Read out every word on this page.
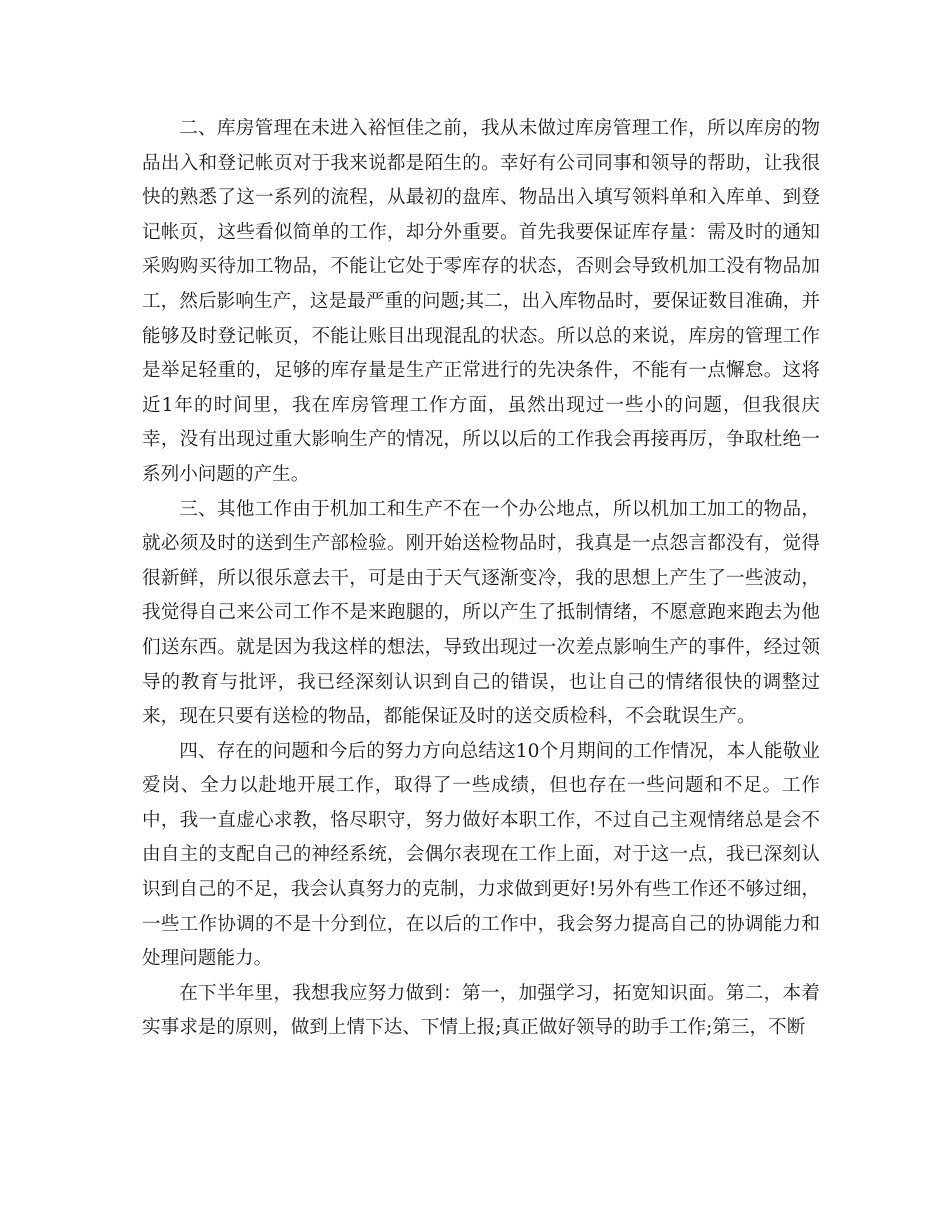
二、库房管理在未进入裕恒佳之前，我从未做过库房管理工作，所以库房的物品出入和登记帐页对于我来说都是陌生的。幸好有公司同事和领导的帮助，让我很快的熟悉了这一系列的流程，从最初的盘库、物品出入填写领料单和入库单、到登记帐页，这些看似简单的工作，却分外重要。首先我要保证库存量：需及时的通知采购购买待加工物品，不能让它处于零库存的状态，否则会导致机加工没有物品加工，然后影响生产，这是最严重的问题;其二，出入库物品时，要保证数目准确，并能够及时登记帐页，不能让账目出现混乱的状态。所以总的来说，库房的管理工作是举足轻重的，足够的库存量是生产正常进行的先决条件，不能有一点懈怠。这将近1年的时间里，我在库房管理工作方面，虽然出现过一些小的问题，但我很庆幸，没有出现过重大影响生产的情况，所以以后的工作我会再接再厉，争取杜绝一系列小问题的产生。

三、其他工作由于机加工和生产不在一个办公地点，所以机加工加工的物品，就必须及时的送到生产部检验。刚开始送检物品时，我真是一点怨言都没有，觉得很新鲜，所以很乐意去干，可是由于天气逐渐变冷，我的思想上产生了一些波动，我觉得自己来公司工作不是来跑腿的，所以产生了抵制情绪，不愿意跑来跑去为他们送东西。就是因为我这样的想法，导致出现过一次差点影响生产的事件，经过领导的教育与批评，我已经深刻认识到自己的错误，也让自己的情绪很快的调整过来，现在只要有送检的物品，都能保证及时的送交质检科，不会耽误生产。

四、存在的问题和今后的努力方向总结这10个月期间的工作情况，本人能敬业爱岗、全力以赴地开展工作，取得了一些成绩，但也存在一些问题和不足。工作中，我一直虚心求教，恪尽职守，努力做好本职工作，不过自己主观情绪总是会不由自主的支配自己的神经系统，会偶尔表现在工作上面，对于这一点，我已深刻认识到自己的不足，我会认真努力的克制，力求做到更好!另外有些工作还不够过细，一些工作协调的不是十分到位，在以后的工作中，我会努力提高自己的协调能力和处理问题能力。

在下半年里，我想我应努力做到：第一，加强学习，拓宽知识面。第二，本着实事求是的原则，做到上情下达、下情上报;真正做好领导的助手工作;第三，不断
